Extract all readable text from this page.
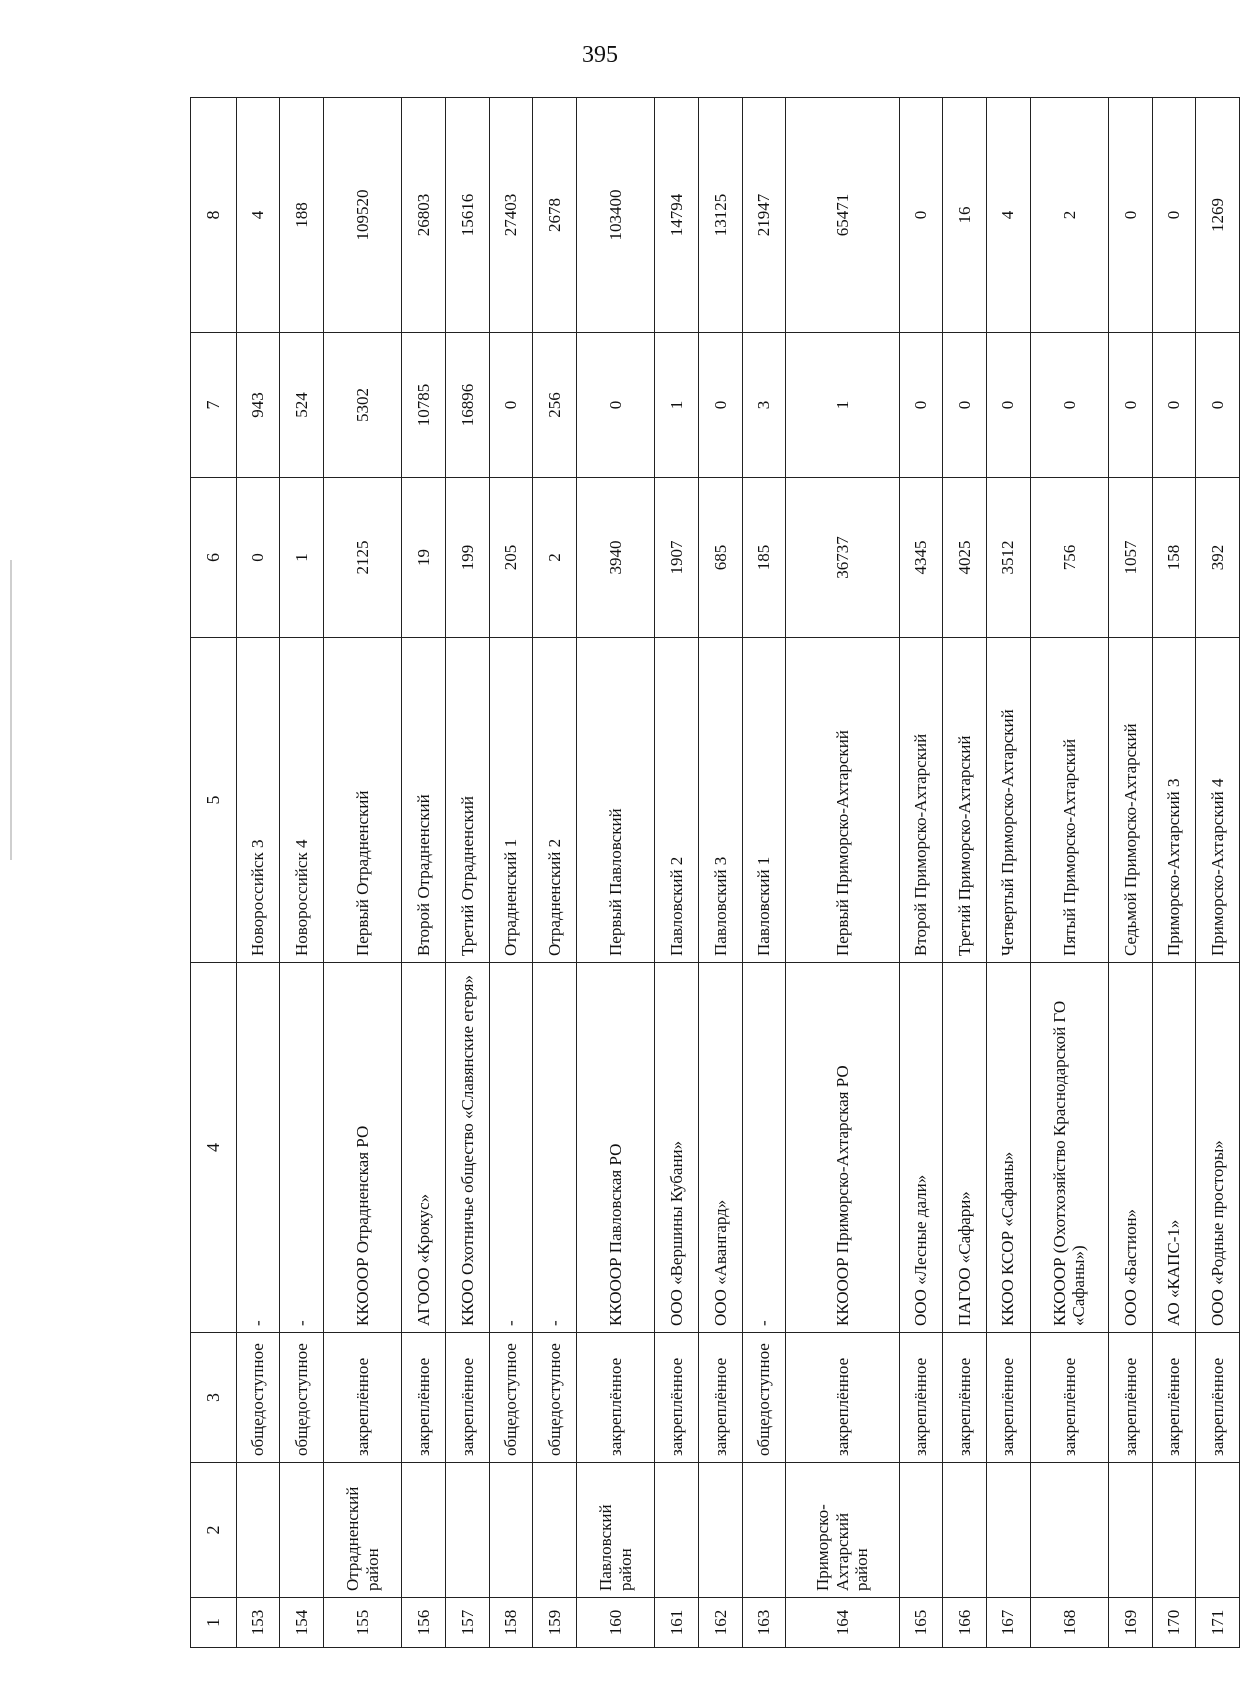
395
1	2	3	4	5	6	7	8
153		общедоступное	-	Новороссийск 3	0	943	4
154		общедоступное	-	Новороссийск 4	1	524	188
155	Отрадненский район	закреплённое	ККОООР Отрадненская РО	Первый Отрадненский	2125	5302	109520
156		закреплённое	АГООО «Крокус»	Второй Отрадненский	19	10785	26803
157		закреплённое	ККОО Охотничье общество «Славянские егеря»	Третий Отрадненский	199	16896	15616
158		общедоступное	-	Отрадненский 1	205	0	27403
159		общедоступное	-	Отрадненский 2	2	256	2678
160	Павловский район	закреплённое	ККОООР Павловская РО	Первый Павловский	3940	0	103400
161		закреплённое	ООО «Вершины Кубани»	Павловский 2	1907	1	14794
162		закреплённое	ООО «Авангард»	Павловский 3	685	0	13125
163		общедоступное	-	Павловский 1	185	3	21947
164	Приморско-Ахтарский район	закреплённое	ККОООР Приморско-Ахтарская РО	Первый Приморско-Ахтарский	36737	1	65471
165		закреплённое	ООО «Лесные дали»	Второй Приморско-Ахтарский	4345	0	0
166		закреплённое	ПАГОО «Сафари»	Третий Приморско-Ахтарский	4025	0	16
167		закреплённое	ККОО КСОР «Сафаны»	Четвертый Приморско-Ахтарский	3512	0	4
168		закреплённое	ККОООР (Охотхозяйство Краснодарской ГО «Сафаны»)	Пятый Приморско-Ахтарский	756	0	2
169		закреплённое	ООО «Бастион»	Седьмой Приморско-Ахтарский	1057	0	0
170		закреплённое	АО «КАПС-1»	Приморско-Ахтарский 3	158	0	0
171		закреплённое	ООО «Родные просторы»	Приморско-Ахтарский 4	392	0	1269
